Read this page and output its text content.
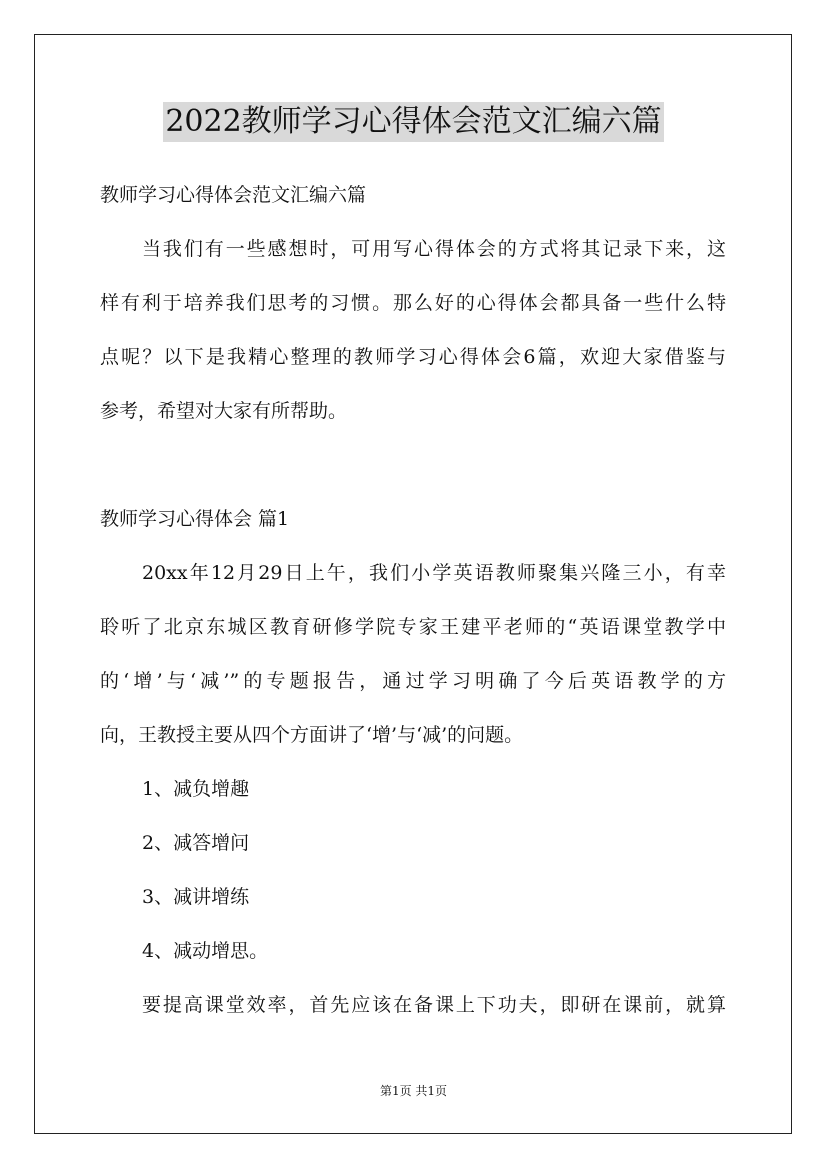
2022教师学习心得体会范文汇编六篇
教师学习心得体会范文汇编六篇
当我们有一些感想时，可用写心得体会的方式将其记录下来，这
样有利于培养我们思考的习惯。那么好的心得体会都具备一些什么特
点呢？以下是我精心整理的教师学习心得体会6篇，欢迎大家借鉴与
参考，希望对大家有所帮助。
教师学习心得体会 篇1
20xx年12月29日上午，我们小学英语教师聚集兴隆三小，有幸
聆听了北京东城区教育研修学院专家王建平老师的“英语课堂教学中
的‘增’与‘减’”的专题报告，通过学习明确了今后英语教学的方
向，王教授主要从四个方面讲了‘增’与‘减’的问题。
1、减负增趣
2、减答增问
3、减讲增练
4、减动增思。
要提高课堂效率，首先应该在备课上下功夫，即研在课前，就算
第1页 共1页
